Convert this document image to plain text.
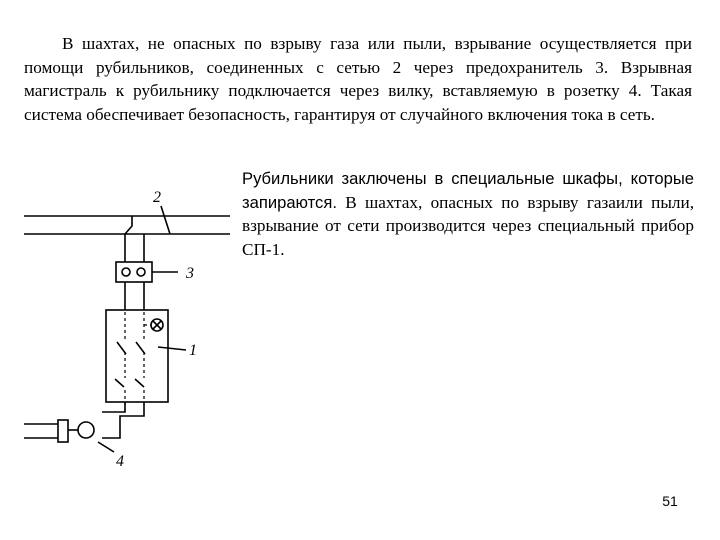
В шахтах, не опасных по взрыву газа или пыли, взрывание осуществляется при помощи рубильников, соединенных с сетью 2 через предохранитель 3. Взрывная магистраль к рубильнику подключается через вилку, вставляемую в розетку 4. Такая система обеспечивает безопасность, гарантируя от случайного включения тока в сеть.

Рубильники заключены в специальные шкафы, которые запираются. В шахтах, опасных по взрыву газаили пыли, взрывание от сети производится через специальный прибор СП-1.
2
3
1
4
51
